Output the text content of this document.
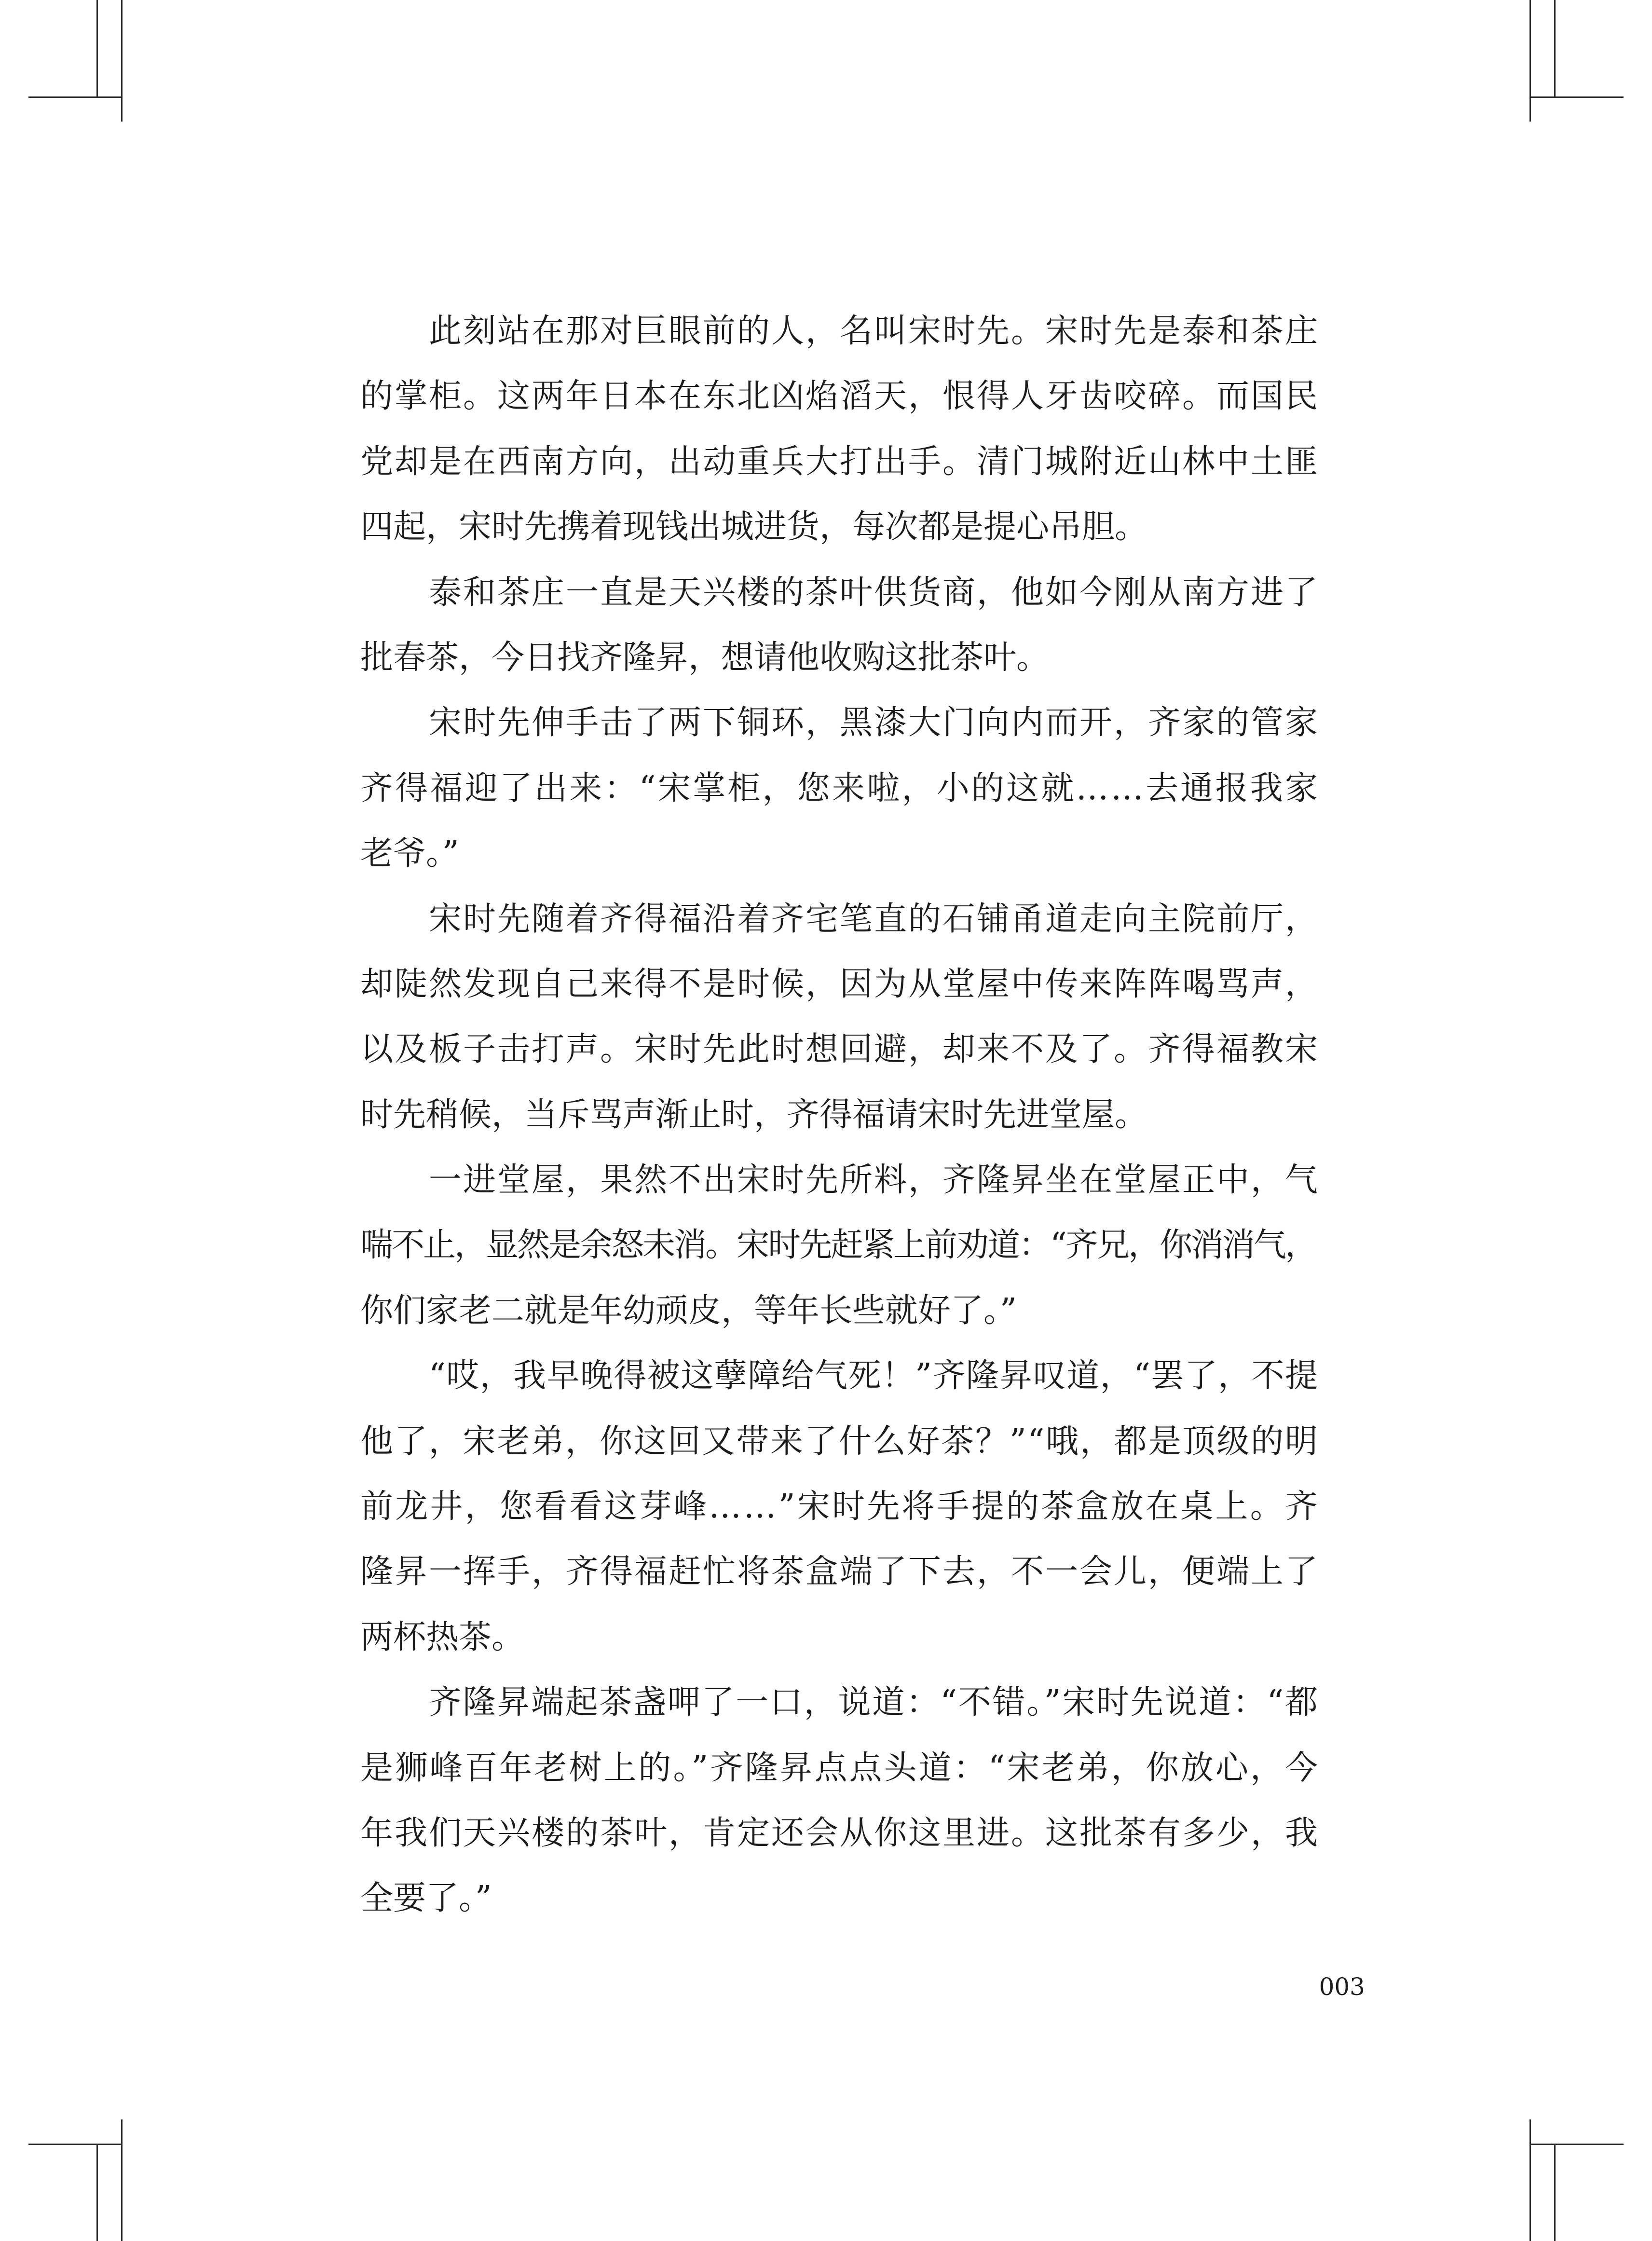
此刻站在那对巨眼前的人，名叫宋时先。宋时先是泰和茶庄
的掌柜。这两年日本在东北凶焰滔天，恨得人牙齿咬碎。而国民
党却是在西南方向，出动重兵大打出手。清门城附近山林中土匪
四起，宋时先携着现钱出城进货，每次都是提心吊胆。
泰和茶庄一直是天兴楼的茶叶供货商，他如今刚从南方进了
批春茶，今日找齐隆昇，想请他收购这批茶叶。
宋时先伸手击了两下铜环，黑漆大门向内而开，齐家的管家
齐得福迎了出来：“宋掌柜，您来啦，小的这就……去通报我家
老爷。”
宋时先随着齐得福沿着齐宅笔直的石铺甬道走向主院前厅，
却陡然发现自己来得不是时候，因为从堂屋中传来阵阵喝骂声，
以及板子击打声。宋时先此时想回避，却来不及了。齐得福教宋
时先稍候，当斥骂声渐止时，齐得福请宋时先进堂屋。
一进堂屋，果然不出宋时先所料，齐隆昇坐在堂屋正中，气
喘不止，显然是余怒未消。宋时先赶紧上前劝道：“齐兄，你消消气，
你们家老二就是年幼顽皮，等年长些就好了。”
“哎，我早晚得被这孽障给气死！”齐隆昇叹道，“罢了，不提
他了，宋老弟，你这回又带来了什么好茶？”“哦，都是顶级的明
前龙井，您看看这芽峰……”宋时先将手提的茶盒放在桌上。齐
隆昇一挥手，齐得福赶忙将茶盒端了下去，不一会儿，便端上了
两杯热茶。
齐隆昇端起茶盏呷了一口，说道：“不错。”宋时先说道：“都
是狮峰百年老树上的。”齐隆昇点点头道：“宋老弟，你放心，今
年我们天兴楼的茶叶，肯定还会从你这里进。这批茶有多少，我
全要了。”
003
